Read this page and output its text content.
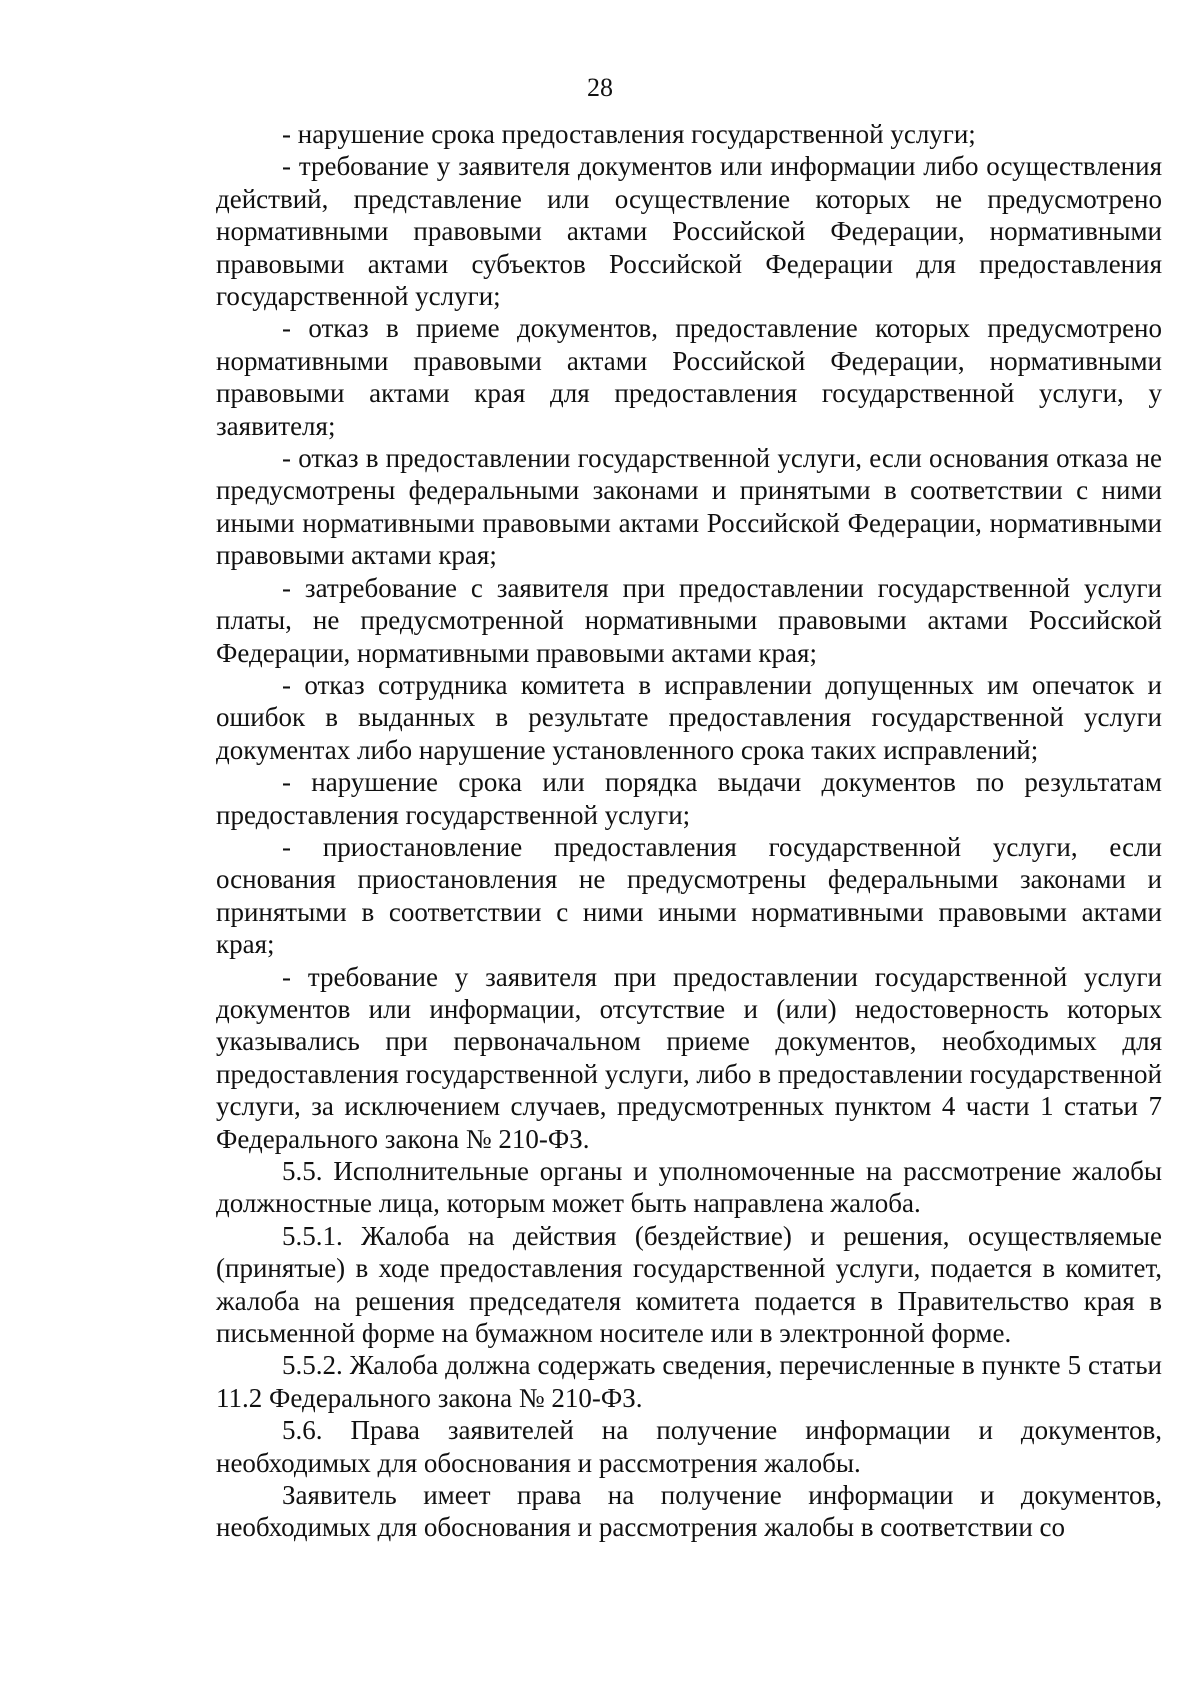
28

- нарушение срока предоставления государственной услуги;

- требование у заявителя документов или информации либо осуществления действий, представление или осуществление которых не предусмотрено нормативными правовыми актами Российской Федерации, нормативными правовыми актами субъектов Российской Федерации для предоставления государственной услуги;

- отказ в приеме документов, предоставление которых предусмотрено нормативными правовыми актами Российской Федерации, нормативными правовыми актами края для предоставления государственной услуги, у заявителя;

- отказ в предоставлении государственной услуги, если основания отказа не предусмотрены федеральными законами и принятыми в соответствии с ними иными нормативными правовыми актами Российской Федерации, нормативными правовыми актами края;

- затребование с заявителя при предоставлении государственной услуги платы, не предусмотренной нормативными правовыми актами Российской Федерации, нормативными правовыми актами края;

- отказ сотрудника комитета в исправлении допущенных им опечаток и ошибок в выданных в результате предоставления государственной услуги документах либо нарушение установленного срока таких исправлений;

- нарушение срока или порядка выдачи документов по результатам предоставления государственной услуги;

- приостановление предоставления государственной услуги, если основания приостановления не предусмотрены федеральными законами и принятыми в соответствии с ними иными нормативными правовыми актами края;

- требование у заявителя при предоставлении государственной услуги документов или информации, отсутствие и (или) недостоверность которых указывались при первоначальном приеме документов, необходимых для предоставления государственной услуги, либо в предоставлении государственной услуги, за исключением случаев, предусмотренных пунктом 4 части 1 статьи 7 Федерального закона № 210-ФЗ.

5.5. Исполнительные органы и уполномоченные на рассмотрение жалобы должностные лица, которым может быть направлена жалоба.

5.5.1. Жалоба на действия (бездействие) и решения, осуществляемые (принятые) в ходе предоставления государственной услуги, подается в комитет, жалоба на решения председателя комитета подается в Правительство края в письменной форме на бумажном носителе или в электронной форме.

5.5.2. Жалоба должна содержать сведения, перечисленные в пункте 5 статьи 11.2 Федерального закона № 210-ФЗ.

5.6. Права заявителей на получение информации и документов, необходимых для обоснования и рассмотрения жалобы.

Заявитель имеет права на получение информации и документов, необходимых для обоснования и рассмотрения жалобы в соответствии со
